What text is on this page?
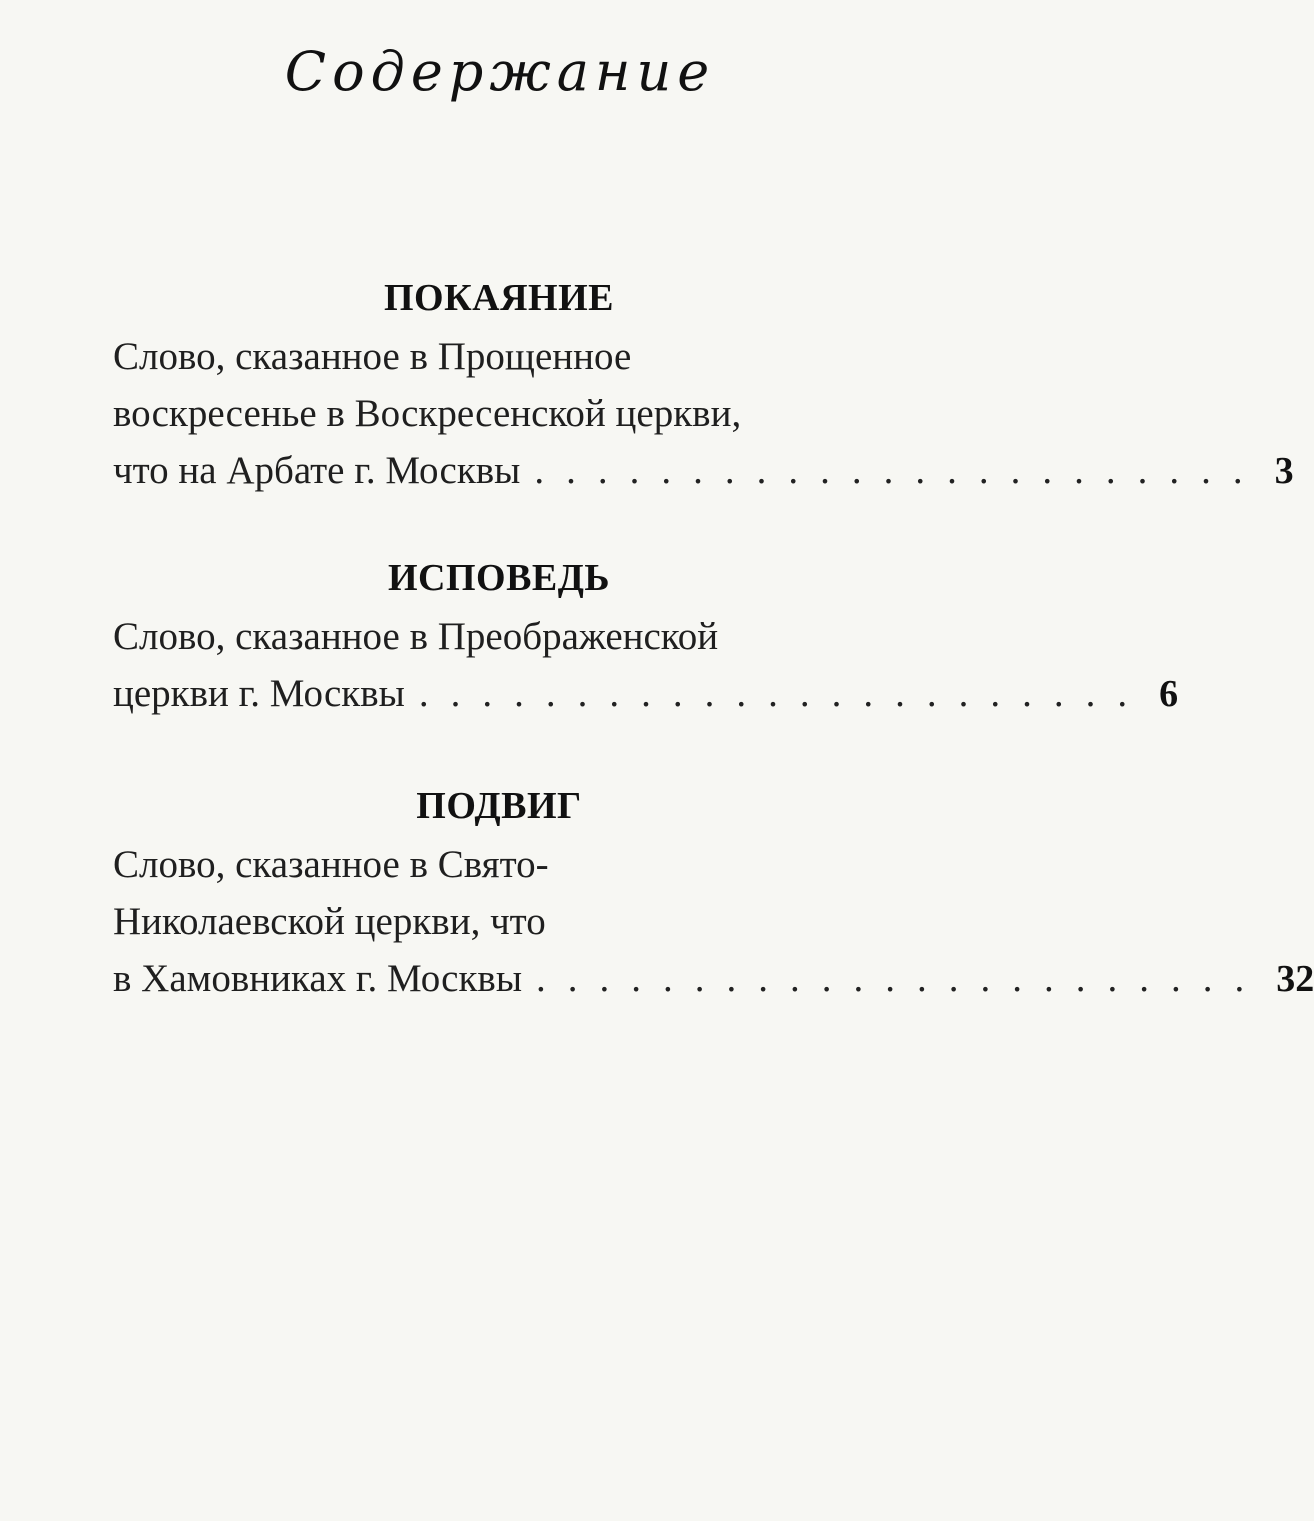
Содержание
ПОКАЯНИЕ
Слово, сказанное в Прощенное
воскресенье в Воскресенской церкви,
что на Арбате г. Москвы ....................... 3
ИСПОВЕДЬ
Слово, сказанное в Преображенской
церкви г. Москвы ....................... 6
ПОДВИГ
Слово, сказанное в Свято-
Николаевской церкви, что
в Хамовниках г. Москвы ....................... 32
